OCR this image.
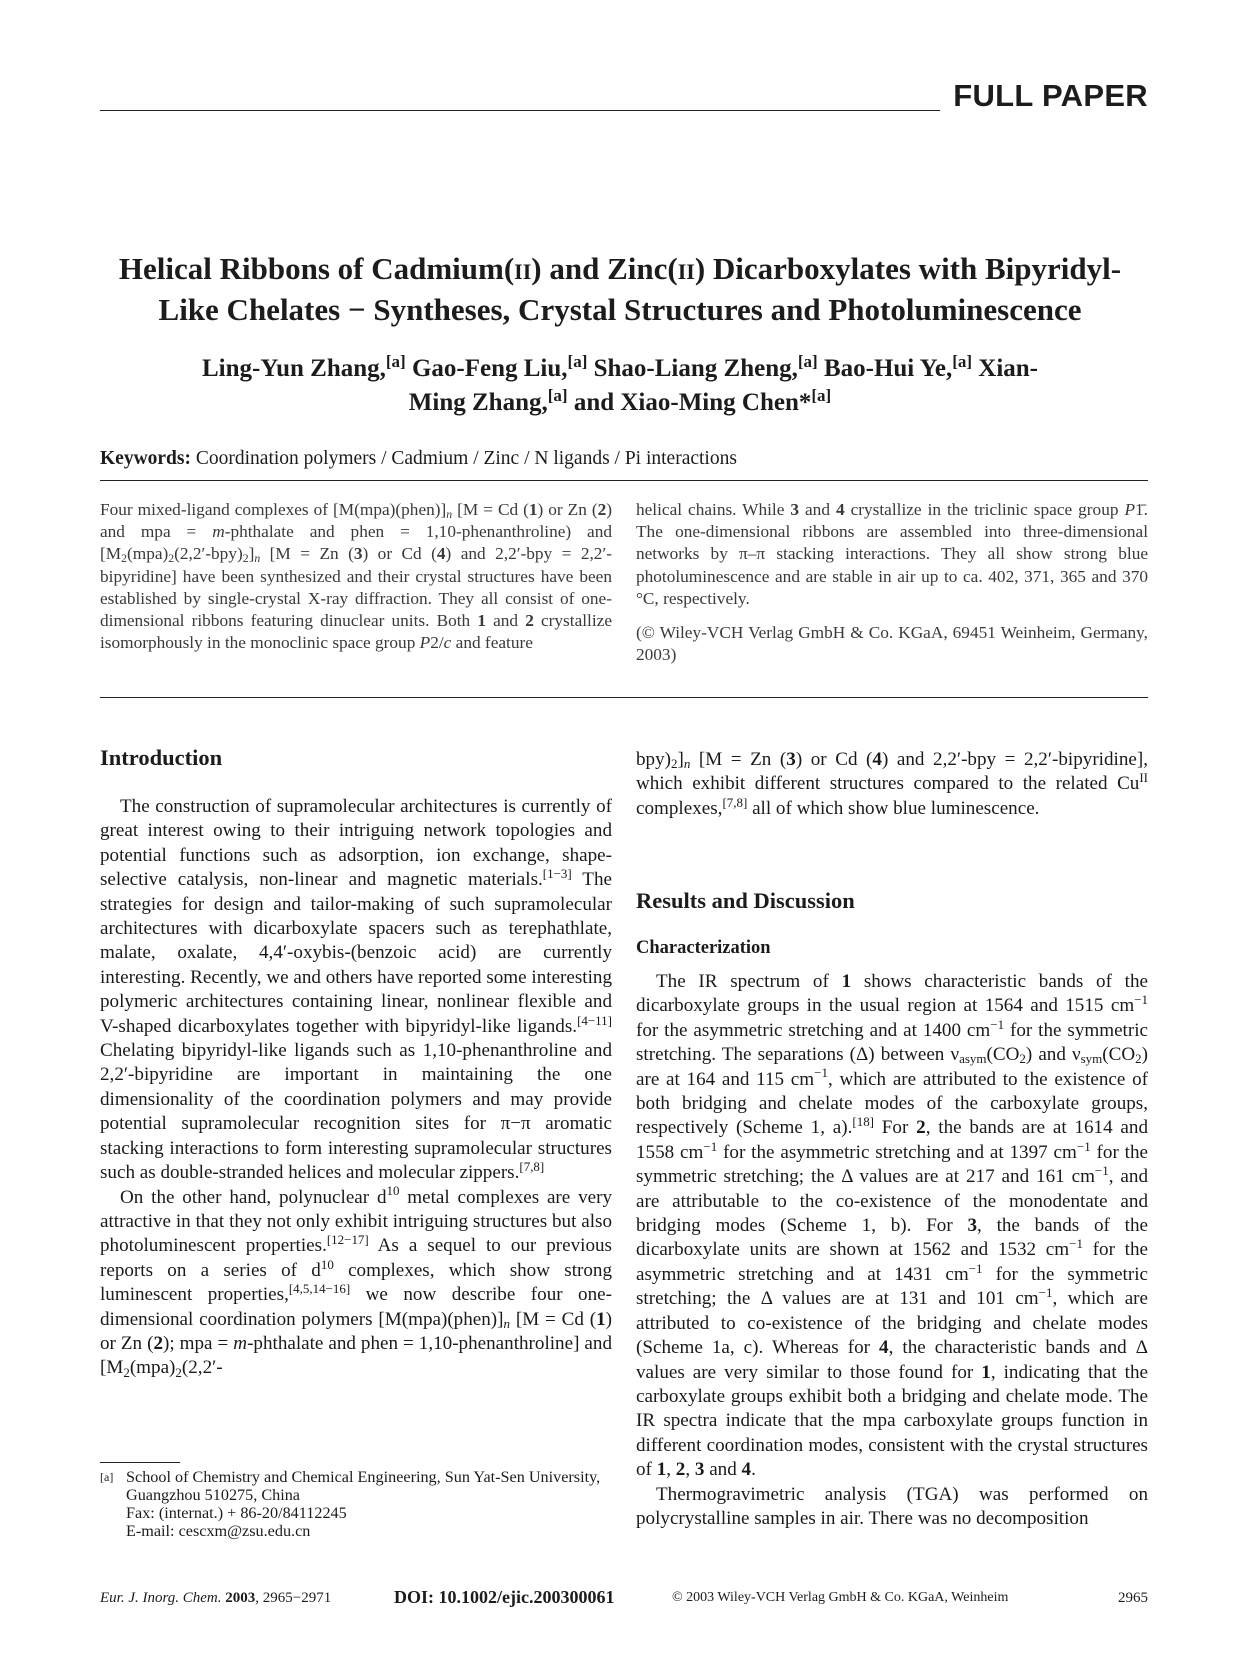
FULL PAPER
Helical Ribbons of Cadmium(ii) and Zinc(ii) Dicarboxylates with Bipyridyl-
Like Chelates − Syntheses, Crystal Structures and Photoluminescence
Ling-Yun Zhang,[a] Gao-Feng Liu,[a] Shao-Liang Zheng,[a] Bao-Hui Ye,[a] Xian-
Ming Zhang,[a] and Xiao-Ming Chen*[a]
Keywords: Coordination polymers / Cadmium / Zinc / N ligands / Pi interactions

Four mixed-ligand complexes of $[M(mpa)(phen)]_n$ [M = Cd (1) or Zn (2) and mpa = m-phthalate and phen = 1,10-phenanthroline) and $[M_2(mpa)_2(2,2'-bpy)_2]_n$ [M = Zn (3) or Cd (4) and 2,2′-bpy = 2,2′-bipyridine] have been synthesized and their crystal structures have been established by single-crystal X-ray diffraction. They all consist of one-dimensional ribbons featuring dinuclear units. Both 1 and 2 crystallize isomorphously in the monoclinic space group P2/c and feature

helical chains. While 3 and 4 crystallize in the triclinic space group P1̄. The one-dimensional ribbons are assembled into three-dimensional networks by π–π stacking interactions. They all show strong blue photoluminescence and are stable in air up to ca. 402, 371, 365 and 370 °C, respectively.

(© Wiley-VCH Verlag GmbH & Co. KGaA, 69451 Weinheim, Germany, 2003)

Introduction

The construction of supramolecular architectures is currently of great interest owing to their intriguing network topologies and potential functions such as adsorption, ion exchange, shape-selective catalysis, non-linear and magnetic materials.[1−3] The strategies for design and tailor-making of such supramolecular architectures with dicarboxylate spacers such as terephathlate, malate, oxalate, 4,4′-oxybis-(benzoic acid) are currently interesting. Recently, we and others have reported some interesting polymeric architectures containing linear, nonlinear flexible and V-shaped dicarboxylates together with bipyridyl-like ligands.[4−11] Chelating bipyridyl-like ligands such as 1,10-phenanthroline and 2,2′-bipyridine are important in maintaining the one dimensionality of the coordination polymers and may provide potential supramolecular recognition sites for π−π aromatic stacking interactions to form interesting supramolecular structures such as double-stranded helices and molecular zippers.[7,8]

On the other hand, polynuclear $d^{10}$ metal complexes are very attractive in that they not only exhibit intriguing structures but also photoluminescent properties.[12−17] As a sequel to our previous reports on a series of $d^{10}$ complexes, which show strong luminescent properties,[4,5,14−16] we now describe four one-dimensional coordination polymers $[M(mpa)(phen)]_n$ [M = Cd (1) or Zn (2); mpa = m-phthalate and phen = 1,10-phenanthroline] and [$M_2(mpa)_2(2,2'-$

[a] School of Chemistry and Chemical Engineering, Sun Yat-Sen University,
Guangzhou 510275, China
Fax: (internat.) + 86-20/84112245
E-mail: cescxm@zsu.edu.cn

$bpy)_2]_n$ [M = Zn (3) or Cd (4) and 2,2′-bpy = 2,2′-bipyridine], which exhibit different structures compared to the related $Cu^{II}$ complexes,[7,8] all of which show blue luminescence.

Results and Discussion
Characterization

The IR spectrum of 1 shows characteristic bands of the dicarboxylate groups in the usual region at 1564 and 1515 $cm^{-1}$ for the asymmetric stretching and at 1400 $cm^{-1}$ for the symmetric stretching. The separations (Δ) between $\nu_{asym}(CO_2)$ and $\nu_{sym}(CO_2)$ are at 164 and 115 $cm^{-1}$, which are attributed to the existence of both bridging and chelate modes of the carboxylate groups, respectively (Scheme 1, a).[18] For 2, the bands are at 1614 and 1558 $cm^{-1}$ for the asymmetric stretching and at 1397 $cm^{-1}$ for the symmetric stretching; the Δ values are at 217 and 161 $cm^{-1}$, and are attributable to the co-existence of the monodentate and bridging modes (Scheme 1, b). For 3, the bands of the dicarboxylate units are shown at 1562 and 1532 $cm^{-1}$ for the asymmetric stretching and at 1431 $cm^{-1}$ for the symmetric stretching; the Δ values are at 131 and 101 $cm^{-1}$, which are attributed to co-existence of the bridging and chelate modes (Scheme 1a, c). Whereas for 4, the characteristic bands and Δ values are very similar to those found for 1, indicating that the carboxylate groups exhibit both a bridging and chelate mode. The IR spectra indicate that the mpa carboxylate groups function in different coordination modes, consistent with the crystal structures of 1, 2, 3 and 4.

Thermogravimetric analysis (TGA) was performed on polycrystalline samples in air. There was no decomposition

Eur. J. Inorg. Chem. 2003, 2965−2971	DOI: 10.1002/ejic.200300061	© 2003 Wiley-VCH Verlag GmbH & Co. KGaA, Weinheim	2965
